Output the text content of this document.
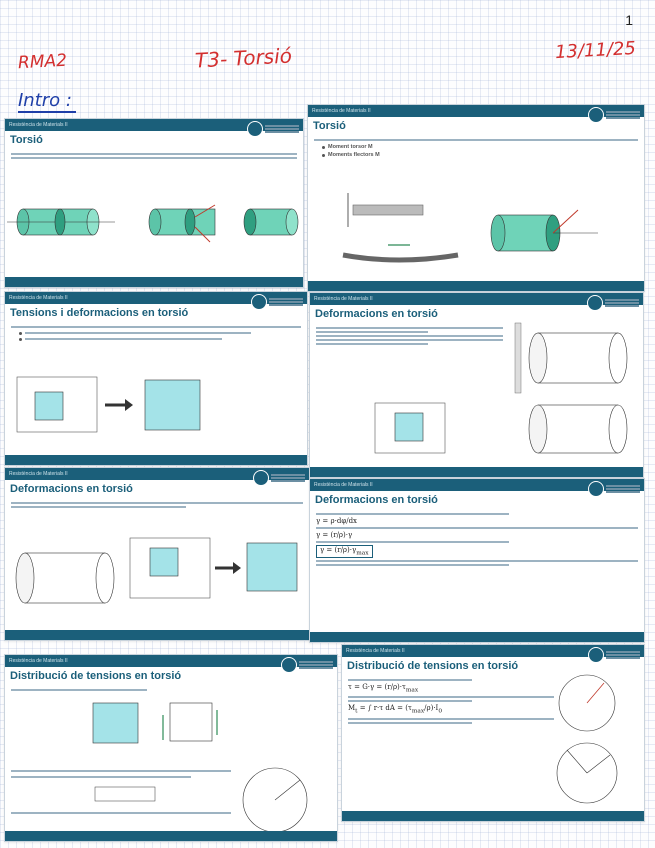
1
RMA2	T3- Torsió	13/11/25
Intro :
Resistència de Materials II
Torsió
Resistència de Materials II
Torsió
Moment torsor M
Moments flectors M
Resistència de Materials II
Tensions i deformacions en torsió
Resistència de Materials II
Deformacions en torsió
Resistència de Materials II
Deformacions en torsió	Resistència de Materials II
Deformacions en torsió
γ = ρ·dφ/dx
γ = (r/ρ)·γ
$\gamma = (r/\rho)\cdot\gamma_{max}$
Resistència de Materials II
Distribució de tensions en torsió
Resistència de Materials II
Distribució de tensions en torsió
$\tau = G\cdot\gamma = (r/\rho)\cdot\tau_{max}$
$M_t$ = ∫ r·τ dA = $(\tau_{max}/\rho)\cdot I_0$
